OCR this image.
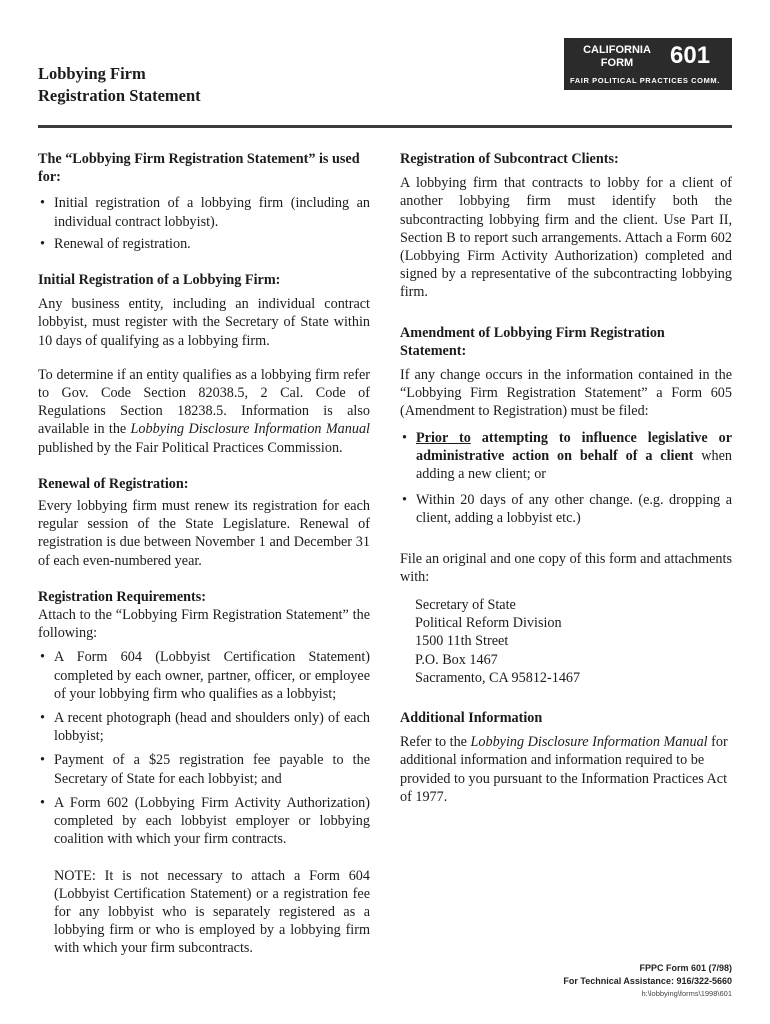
Lobbying Firm
Registration Statement
CALIFORNIA
FORM	601
FAIR POLITICAL PRACTICES COMM.
The “Lobbying Firm Registration Statement” is used for:
• Initial registration of a lobbying firm (including an individual contract lobbyist).
• Renewal of registration.
Initial Registration of a Lobbying Firm:

Any business entity, including an individual contract lobbyist, must register with the Secretary of State within 10 days of qualifying as a lobbying firm.

To determine if an entity qualifies as a lobbying firm refer to Gov. Code Section 82038.5, 2 Cal. Code of Regulations Section 18238.5. Information is also available in the Lobbying Disclosure Information Manual published by the Fair Political Practices Commission.

Renewal of Registration:

Every lobbying firm must renew its registration for each regular session of the State Legislature. Renewal of registration is due between November 1 and December 31 of each even-numbered year.

Registration Requirements:

Attach to the “Lobbying Firm Registration Statement” the following:

• A Form 604 (Lobbyist Certification Statement) completed by each owner, partner, officer, or employee of your lobbying firm who qualifies as a lobbyist;
• A recent photograph (head and shoulders only) of each lobbyist;
• Payment of a $25 registration fee payable to the Secretary of State for each lobbyist; and
• A Form 602 (Lobbying Firm Activity Authorization) completed by each lobbyist employer or lobbying coalition with which your firm contracts.

NOTE: It is not necessary to attach a Form 604 (Lobbyist Certification Statement) or a registration fee for any lobbyist who is separately registered as a lobbying firm or who is employed by a lobbying firm with which your firm subcontracts.

Registration of Subcontract Clients:

A lobbying firm that contracts to lobby for a client of another lobbying firm must identify both the subcontracting lobbying firm and the client. Use Part II, Section B to report such arrangements. Attach a Form 602 (Lobbying Firm Activity Authorization) completed and signed by a representative of the subcontracting lobbying firm.

Amendment of Lobbying Firm Registration Statement:

If any change occurs in the information contained in the “Lobbying Firm Registration Statement” a Form 605 (Amendment to Registration) must be filed:

• Prior to attempting to influence legislative or administrative action on behalf of a client when adding a new client; or
• Within 20 days of any other change. (e.g. dropping a client, adding a lobbyist etc.)

File an original and one copy of this form and attachments with:

Secretary of State
Political Reform Division
1500 11th Street
P.O. Box 1467
Sacramento, CA 95812-1467
Additional Information

Refer to the Lobbying Disclosure Information Manual for additional information and information required to be provided to you pursuant to the Information Practices Act of 1977.

FPPC Form 601 (7/98)
For Technical Assistance: 916/322-5660
h:\lobbying\forms\1998\601
